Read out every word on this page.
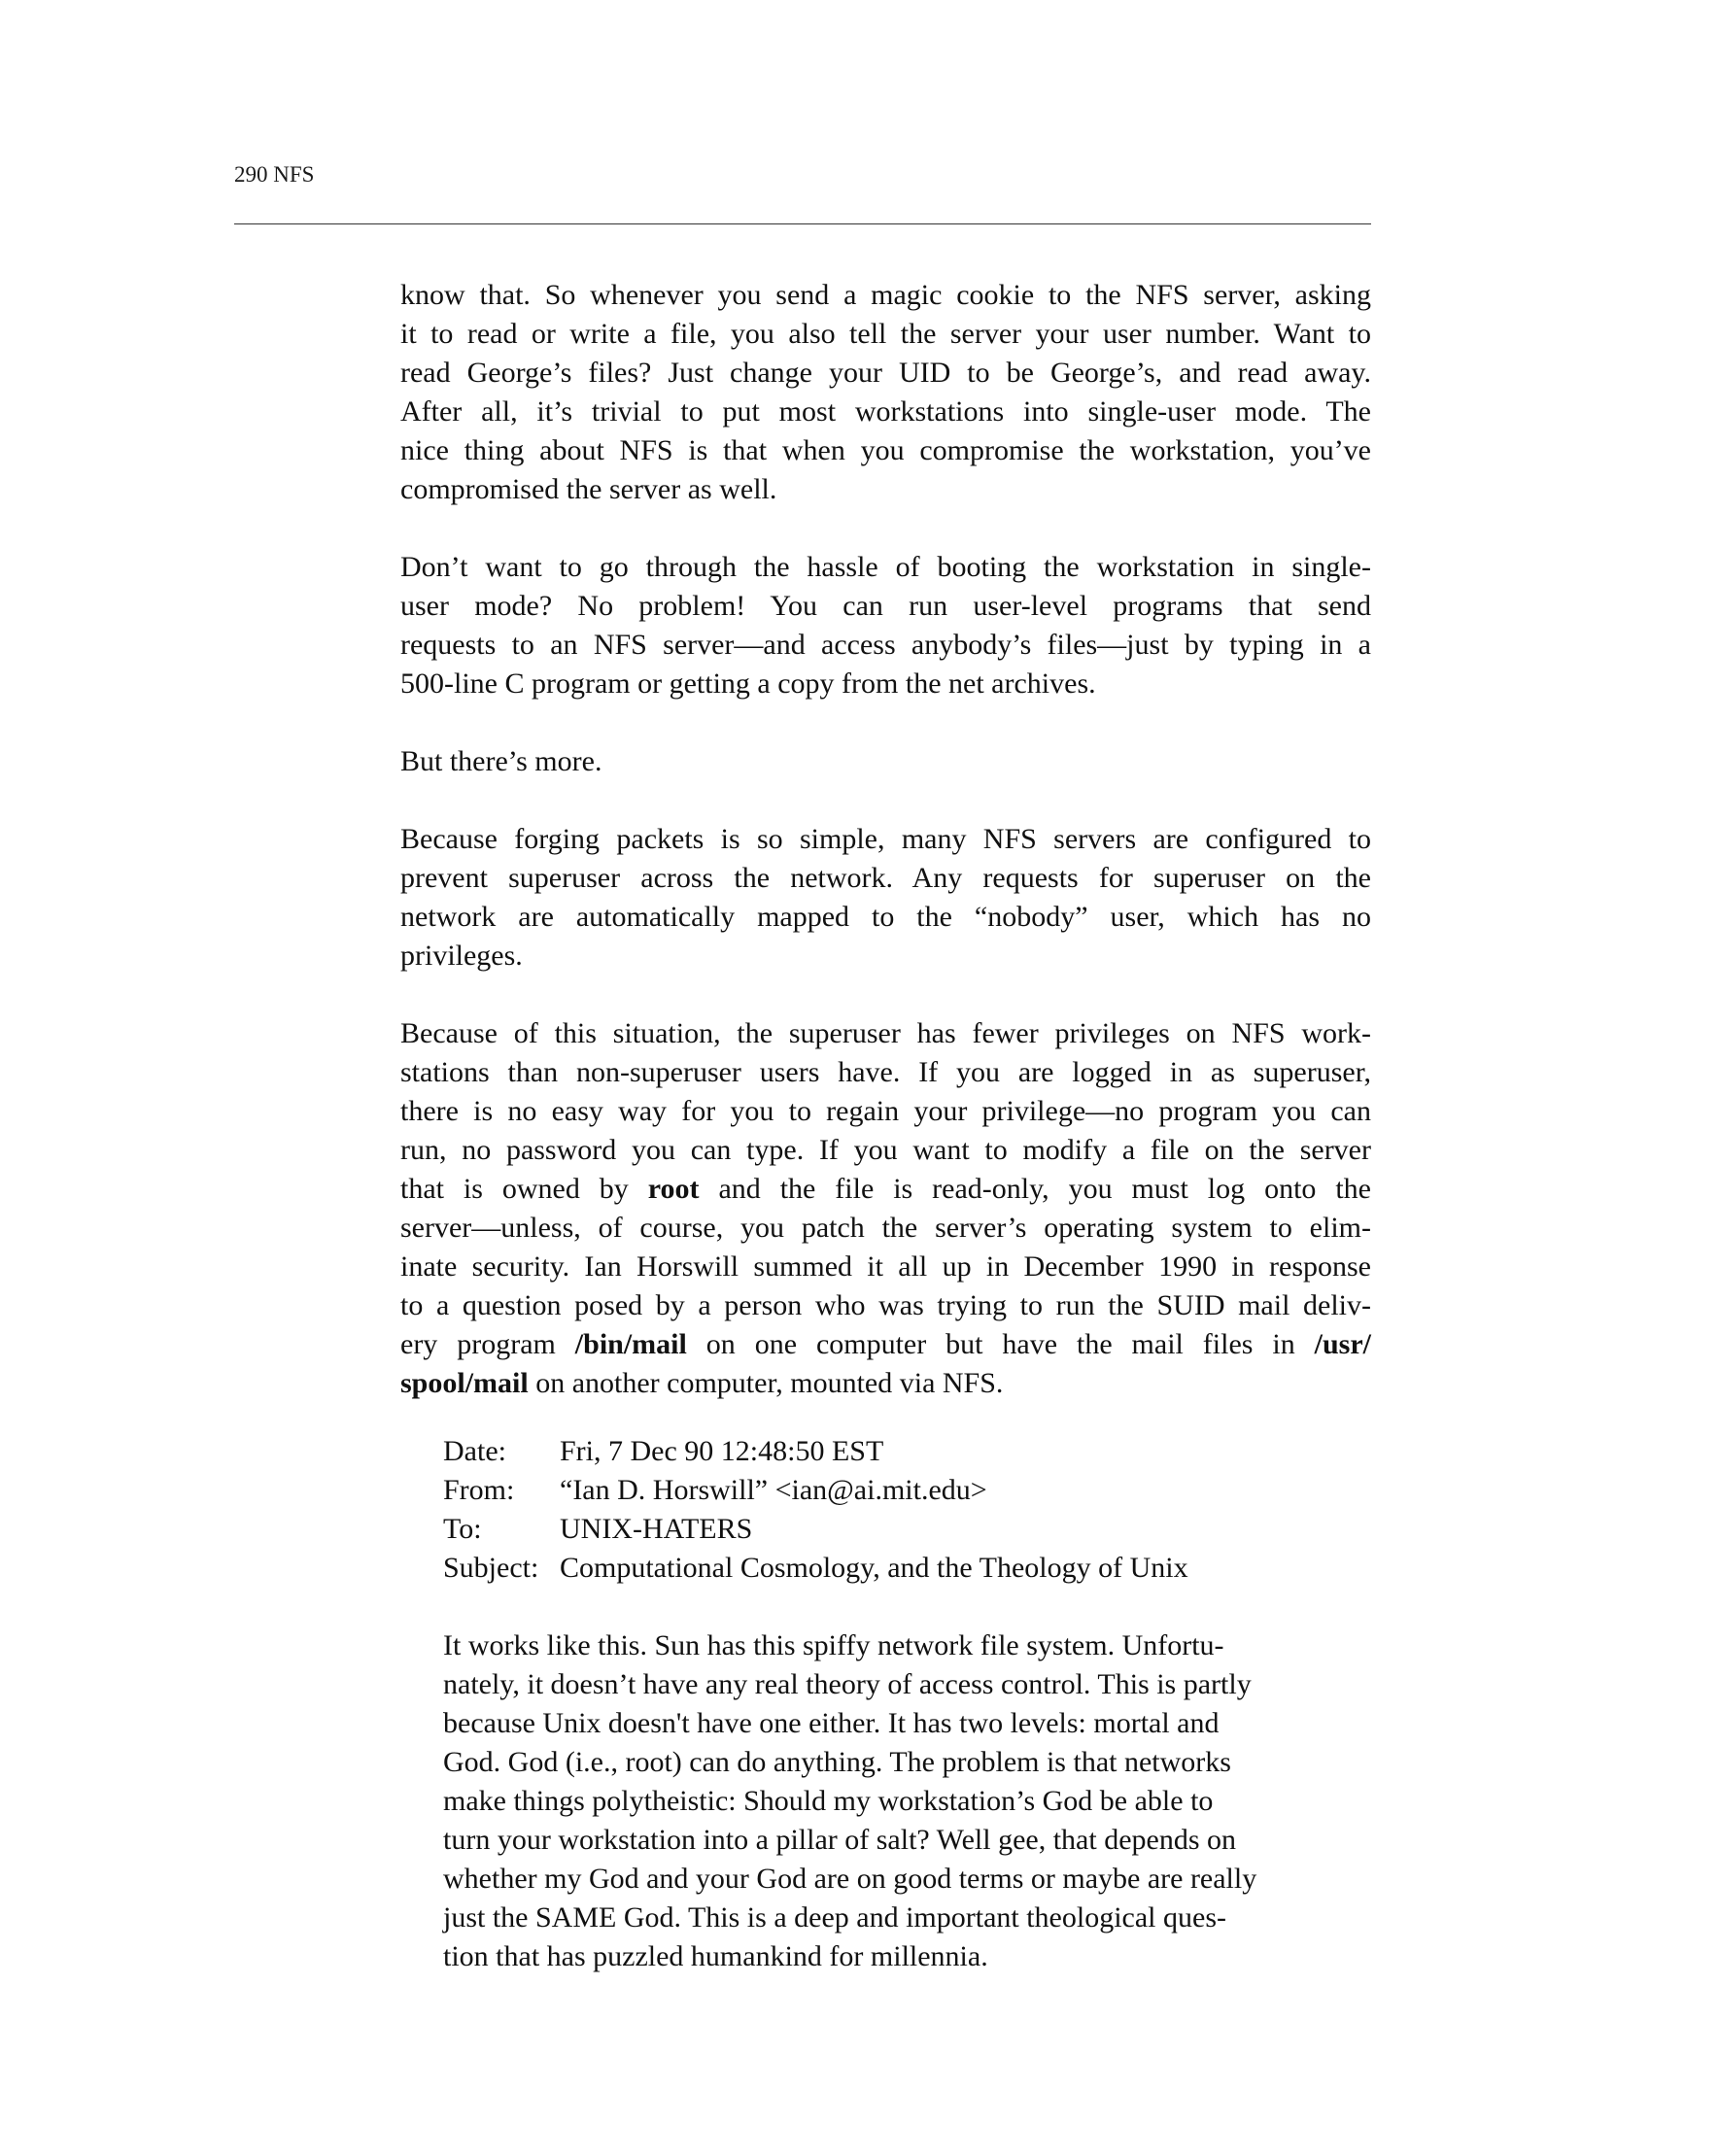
290 NFS

know that. So whenever you send a magic cookie to the NFS server, asking
it to read or write a file, you also tell the server your user number. Want to
read George’s files? Just change your UID to be George’s, and read away.
After all, it’s trivial to put most workstations into single-user mode. The
nice thing about NFS is that when you compromise the workstation, you’ve
compromised the server as well.

Don’t want to go through the hassle of booting the workstation in single-
user mode? No problem! You can run user-level programs that send
requests to an NFS server—and access anybody’s files—just by typing in a
500-line C program or getting a copy from the net archives.

But there’s more.

Because forging packets is so simple, many NFS servers are configured to
prevent superuser across the network. Any requests for superuser on the
network are automatically mapped to the “nobody” user, which has no
privileges.

Because of this situation, the superuser has fewer privileges on NFS work-
stations than non-superuser users have. If you are logged in as superuser,
there is no easy way for you to regain your privilege—no program you can
run, no password you can type. If you want to modify a file on the server
that is owned by root and the file is read-only, you must log onto the
server—unless, of course, you patch the server’s operating system to elim-
inate security. Ian Horswill summed it all up in December 1990 in response
to a question posed by a person who was trying to run the SUID mail deliv-
ery program /bin/mail on one computer but have the mail files in /usr/
spool/mail on another computer, mounted via NFS.

Date:	Fri, 7 Dec 90 12:48:50 EST
From:	“Ian D. Horswill” <ian@ai.mit.edu>
To:	UNIX-HATERS
Subject: Computational Cosmology, and the Theology of Unix
It works like this. Sun has this spiffy network file system. Unfortu-
nately, it doesn’t have any real theory of access control. This is partly
because Unix doesn't have one either. It has two levels: mortal and
God. God (i.e., root) can do anything. The problem is that networks
make things polytheistic: Should my workstation’s God be able to
turn your workstation into a pillar of salt? Well gee, that depends on
whether my God and your God are on good terms or maybe are really
just the SAME God. This is a deep and important theological ques-
tion that has puzzled humankind for millennia.
